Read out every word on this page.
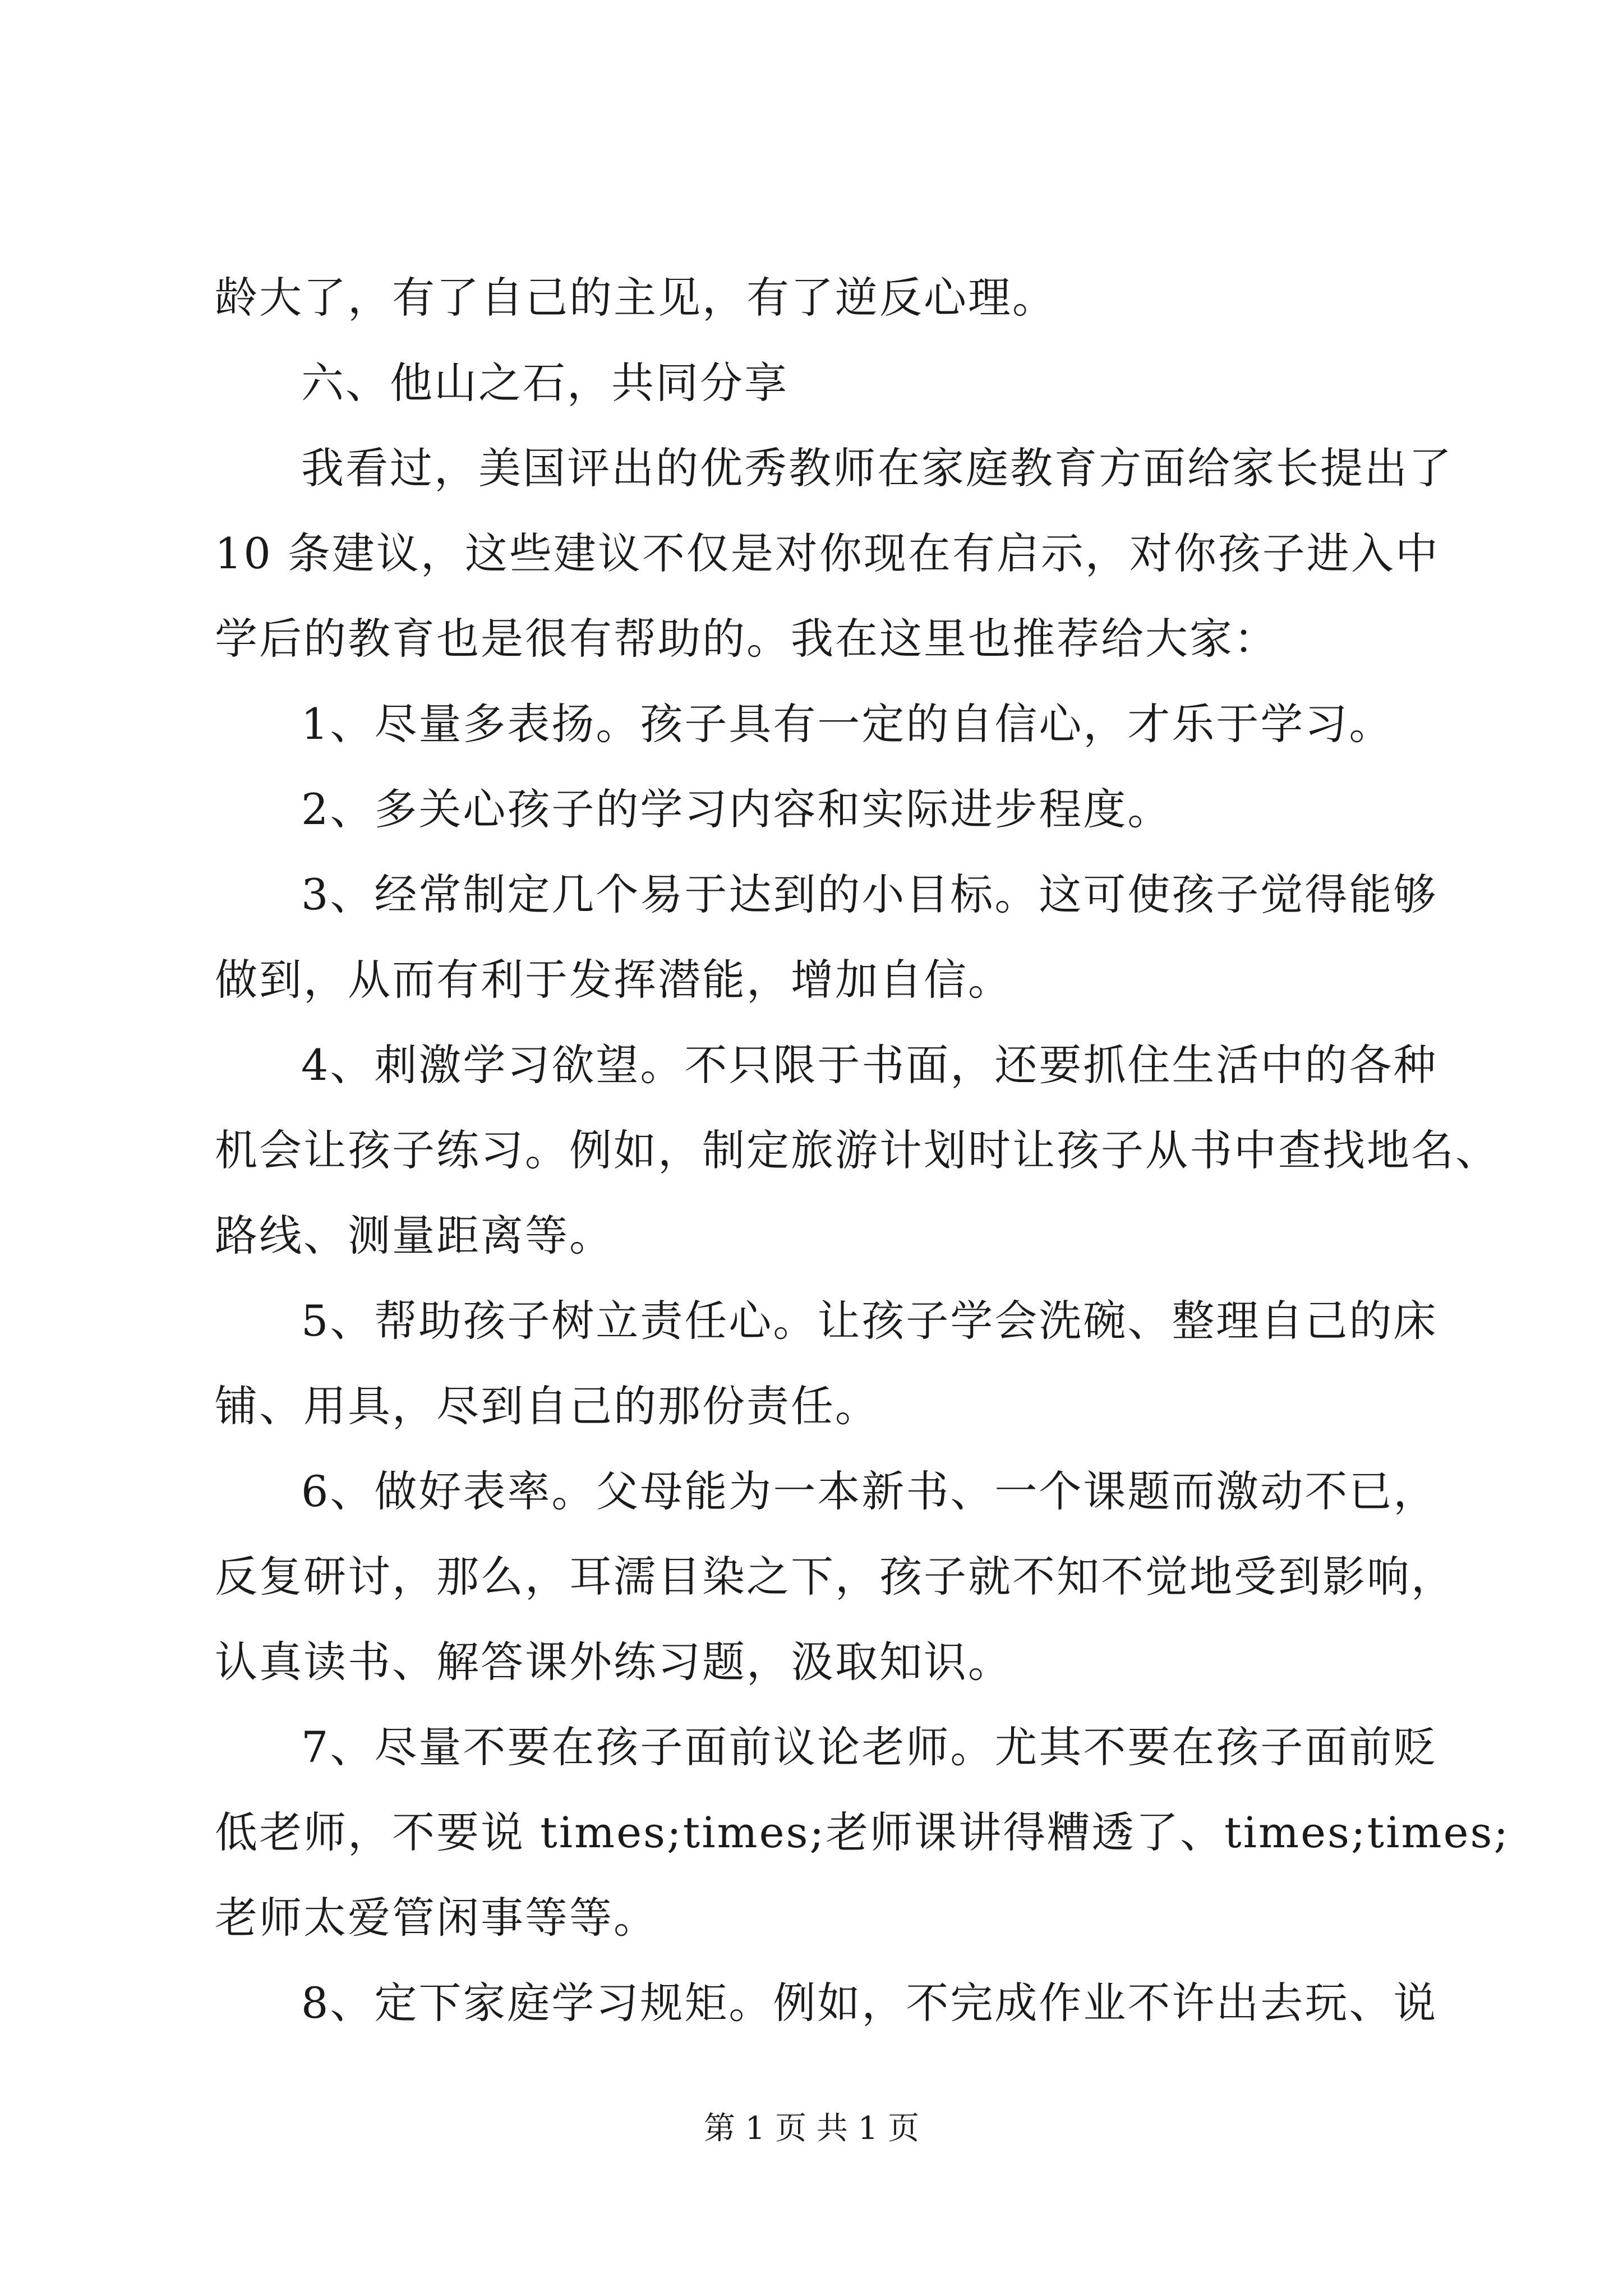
龄大了，有了自己的主见，有了逆反心理。
六、他山之石，共同分享
我看过，美国评出的优秀教师在家庭教育方面给家长提出了
10 条建议，这些建议不仅是对你现在有启示，对你孩子进入中
学后的教育也是很有帮助的。我在这里也推荐给大家：
1、尽量多表扬。孩子具有一定的自信心，才乐于学习。
2、多关心孩子的学习内容和实际进步程度。
3、经常制定几个易于达到的小目标。这可使孩子觉得能够
做到，从而有利于发挥潜能，增加自信。
4、刺激学习欲望。不只限于书面，还要抓住生活中的各种
机会让孩子练习。例如，制定旅游计划时让孩子从书中查找地名、
路线、测量距离等。
5、帮助孩子树立责任心。让孩子学会洗碗、整理自己的床
铺、用具，尽到自己的那份责任。
6、做好表率。父母能为一本新书、一个课题而激动不已，
反复研讨，那么，耳濡目染之下，孩子就不知不觉地受到影响，
认真读书、解答课外练习题，汲取知识。
7、尽量不要在孩子面前议论老师。尤其不要在孩子面前贬
低老师，不要说 times;times;老师课讲得糟透了、times;times;
老师太爱管闲事等等。
8、定下家庭学习规矩。例如，不完成作业不许出去玩、说
第 1 页 共 1 页
